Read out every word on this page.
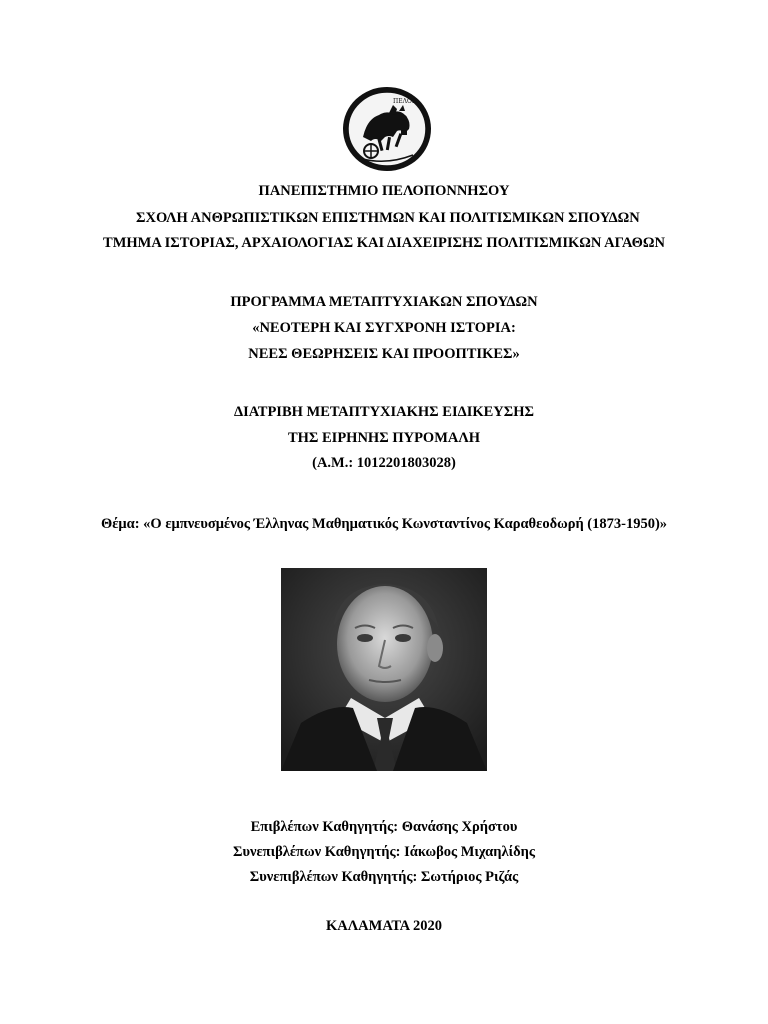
ΠΕΛΟΠ
ΠΑΝΕΠΙΣΤΗΜΙΟ ΠΕΛΟΠΟΝΝΗΣΟΥ
ΣΧΟΛΗ ΑΝΘΡΩΠΙΣΤΙΚΩΝ ΕΠΙΣΤΗΜΩΝ ΚΑΙ ΠΟΛΙΤΙΣΜΙΚΩΝ ΣΠΟΥΔΩΝ
ΤΜΗΜΑ ΙΣΤΟΡΙΑΣ, ΑΡΧΑΙΟΛΟΓΙΑΣ ΚΑΙ ΔΙΑΧΕΙΡΙΣΗΣ ΠΟΛΙΤΙΣΜΙΚΩΝ ΑΓΑΘΩΝ
ΠΡΟΓΡΑΜΜΑ ΜΕΤΑΠΤΥΧΙΑΚΩΝ ΣΠΟΥΔΩΝ
«ΝΕΟΤΕΡΗ ΚΑΙ ΣΥΓΧΡΟΝΗ ΙΣΤΟΡΙΑ:
ΝΕΕΣ ΘΕΩΡΗΣΕΙΣ ΚΑΙ ΠΡΟΟΠΤΙΚΕΣ»
ΔΙΑΤΡΙΒΗ ΜΕΤΑΠΤΥΧΙΑΚΗΣ ΕΙΔΙΚΕΥΣΗΣ
ΤΗΣ ΕΙΡΗΝΗΣ ΠΥΡΟΜΑΛΗ
(Α.Μ.: 1012201803028)
Θέμα: «Ο εμπνευσμένος Έλληνας Μαθηματικός Κωνσταντίνος Καραθεοδωρή (1873-1950)»
Επιβλέπων Καθηγητής: Θανάσης Χρήστου
Συνεπιβλέπων Καθηγητής: Ιάκωβος Μιχαηλίδης
Συνεπιβλέπων Καθηγητής: Σωτήριος Ριζάς
ΚΑΛΑΜΑΤΑ 2020
